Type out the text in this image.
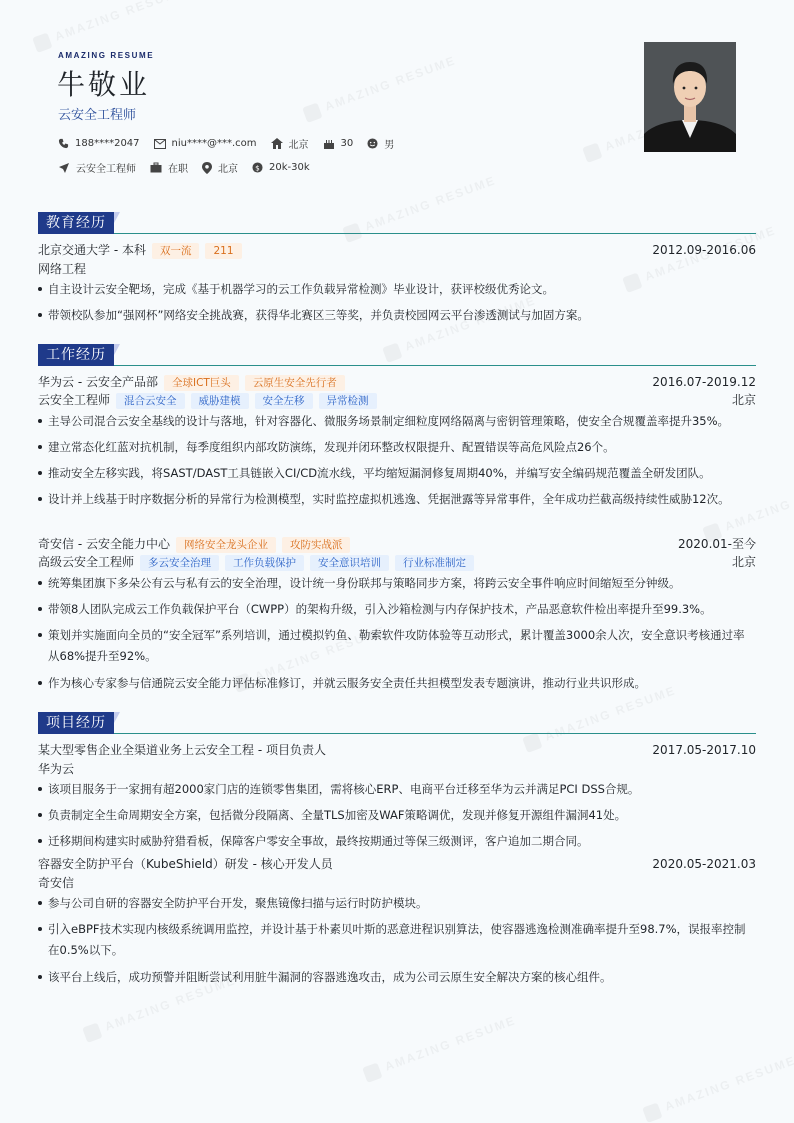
AMAZING RESUME
牛敬业
云安全工程师
188****2047	niu****@***.com	北京	30	男
云安全工程师	在职	北京 $ 20k-30k
教育经历
北京交通大学 - 本科	双一流	211	2012.09-2016.06
网络工程
自主设计云安全靶场，完成《基于机器学习的云工作负载异常检测》毕业设计，获评校级优秀论文。
带领校队参加“强网杯”网络安全挑战赛，获得华北赛区三等奖，并负责校园网云平台渗透测试与加固方案。
工作经历
华为云 - 云安全产品部	全球ICT巨头	云原生安全先行者	2016.07-2019.12
云安全工程师	混合云安全	威胁建模	安全左移	异常检测	北京
主导公司混合云安全基线的设计与落地，针对容器化、微服务场景制定细粒度网络隔离与密钥管理策略，使安全合规覆盖率提升35%。
建立常态化红蓝对抗机制，每季度组织内部攻防演练，发现并闭环整改权限提升、配置错误等高危风险点26个。
推动安全左移实践，将SAST/DAST工具链嵌入CI/CD流水线，平均缩短漏洞修复周期40%，并编写安全编码规范覆盖全研发团队。
设计并上线基于时序数据分析的异常行为检测模型，实时监控虚拟机逃逸、凭据泄露等异常事件，全年成功拦截高级持续性威胁12次。
奇安信 - 云安全能力中心	网络安全龙头企业	攻防实战派	2020.01-至今
高级云安全工程师	多云安全治理	工作负载保护	安全意识培训	行业标准制定	北京
统筹集团旗下多朵公有云与私有云的安全治理，设计统一身份联邦与策略同步方案，将跨云安全事件响应时间缩短至分钟级。
带领8人团队完成云工作负载保护平台（CWPP）的架构升级，引入沙箱检测与内存保护技术，产品恶意软件检出率提升至99.3%。
策划并实施面向全员的“安全冠军”系列培训，通过模拟钓鱼、勒索软件攻防体验等互动形式，累计覆盖3000余人次，安全意识考核通过率从68%提升至92%。
作为核心专家参与信通院云安全能力评估标准修订，并就云服务安全责任共担模型发表专题演讲，推动行业共识形成。
项目经历
某大型零售企业全渠道业务上云安全工程 - 项目负责人	2017.05-2017.10
华为云
该项目服务于一家拥有超2000家门店的连锁零售集团，需将核心ERP、电商平台迁移至华为云并满足PCI DSS合规。
负责制定全生命周期安全方案，包括微分段隔离、全量TLS加密及WAF策略调优，发现并修复开源组件漏洞41处。
迁移期间构建实时威胁狩猎看板，保障客户零安全事故，最终按期通过等保三级测评，客户追加二期合同。
容器安全防护平台（KubeShield）研发 - 核心开发人员	2020.05-2021.03
奇安信
参与公司自研的容器安全防护平台开发，聚焦镜像扫描与运行时防护模块。
引入eBPF技术实现内核级系统调用监控，并设计基于朴素贝叶斯的恶意进程识别算法，使容器逃逸检测准确率提升至98.7%，误报率控制在0.5%以下。
该平台上线后，成功预警并阻断尝试利用脏牛漏洞的容器逃逸攻击，成为公司云原生安全解决方案的核心组件。
